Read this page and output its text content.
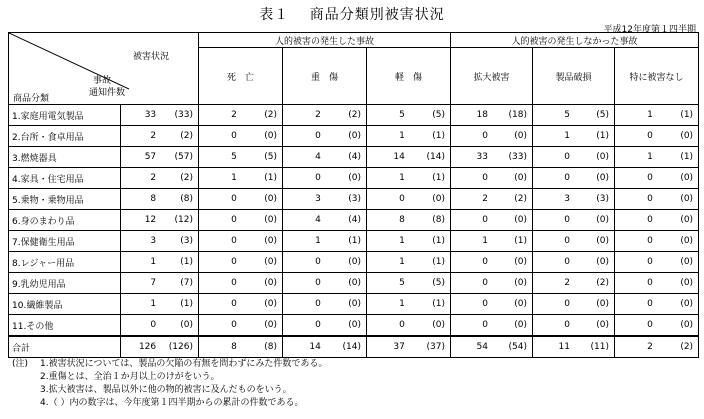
表１　 商品分類別被害状況
平成12年度第１四半期
被害状況
事故
通知件数
商品分類		人的被害の発生した事故			人的被害の発生しなかった事故		
		死　亡	重　傷	軽　傷	拡大被害	製品破損	特に被害なし
1.家庭用電気製品	33 (33)	2 (2)	2 (2)	5 (5)	18 (18)	5 (5)	1 (1)

2.台所・食卓用品	2 (2)	0 (0)	0 (0)	1 (1)	0 (0)	1 (1)	0 (0)

3.燃焼器具	57 (57)	5 (5)	4 (4)	14 (14)	33 (33)	0 (0)	1 (1)

4.家具・住宅用品	2 (2)	1 (1)	0 (0)	1 (1)	0 (0)	0 (0)	0 (0)

5.乗物・乗物用品	8 (8)	0 (0)	3 (3)	0 (0)	2 (2)	3 (3)	0 (0)

6.身のまわり品	12 (12)	0 (0)	4 (4)	8 (8)	0 (0)	0 (0)	0 (0)

7.保健衛生用品	3 (3)	0 (0)	1 (1)	1 (1)	1 (1)	0 (0)	0 (0)

8.レジャー用品	1 (1)	0 (0)	0 (0)	1 (1)	0 (0)	0 (0)	0 (0)

9.乳幼児用品	7 (7)	0 (0)	0 (0)	5 (5)	0 (0)	2 (2)	0 (0)

10.繊維製品	1 (1)	0 (0)	0 (0)	1 (1)	0 (0)	0 (0)	0 (0)

11.その他	0 (0)	0 (0)	0 (0)	0 (0)	0 (0)	0 (0)	0 (0)

合計	126 (126)	8 (8)	14 (14)	37 (37)	54 (54)	11 (11)	2 (2)
(注)	1.被害状況については、製品の欠陥の有無を問わずにみた件数である。
2.重傷とは、全治１か月以上のけがをいう。
3.拡大被害は、製品以外に他の物的被害に及んだものをいう。
4.（ ）内の数字は、今年度第１四半期からの累計の件数である。
